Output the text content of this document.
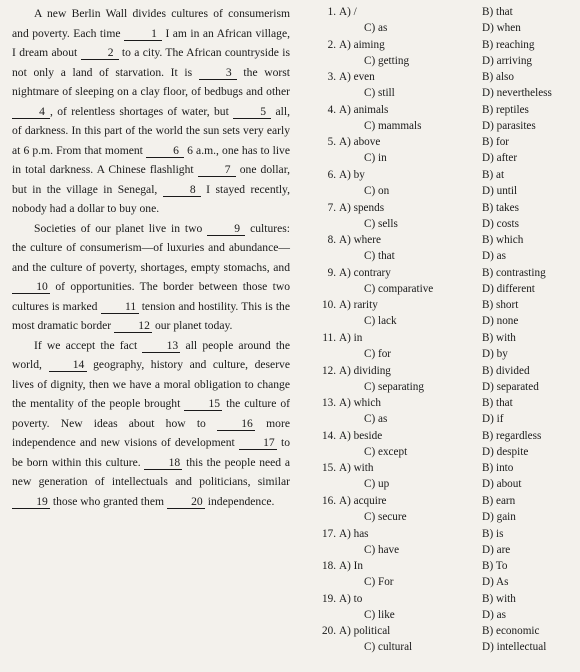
A new Berlin Wall divides cultures of consumerism and poverty. Each time 1 I am in an African village, I dream about 2 to a city. The African countryside is not only a land of starvation. It is 3 the worst nightmare of sleeping on a clay floor, of bedbugs and other 4 , of relentless shortages of water, but 5 all, of darkness. In this part of the world the sun sets very early at 6 p.m. From that moment 6 6 a.m., one has to live in total darkness. A Chinese flashlight 7 one dollar, but in the village in Senegal, 8 I stayed recently, nobody had a dollar to buy one.

Societies of our planet live in two 9 cultures: the culture of consumerism—of luxuries and abundance—and the culture of poverty, shortages, empty stomachs, and 10 of opportunities. The border between those two cultures is marked 11 tension and hostility. This is the most dramatic border 12 our planet today.

If we accept the fact 13 all people around the world, 14 geography, history and culture, deserve lives of dignity, then we have a moral obligation to change the mentality of the people brought 15 the culture of poverty. New ideas about how to 16 more independence and new visions of development 17 to be born within this culture. 18 this the people need a new generation of intellectuals and politicians, similar 19 those who granted them 20 independence.

1. A) /	B) that
C) as	D) when
2. A) aiming	B) reaching
C) getting	D) arriving
3. A) even	B) also
C) still	D) nevertheless
4. A) animals	B) reptiles
C) mammals	D) parasites
5. A) above	B) for
C) in	D) after
6. A) by	B) at
C) on	D) until
7. A) spends	B) takes
C) sells	D) costs
8. A) where	B) which
C) that	D) as
9. A) contrary	B) contrasting
C) comparative	D) different
10. A) rarity	B) short
C) lack	D) none
11. A) in	B) with
C) for	D) by
12. A) dividing	B) divided
C) separating	D) separated
13. A) which	B) that
C) as	D) if
14. A) beside	B) regardless
C) except	D) despite
15. A) with	B) into
C) up	D) about
16. A) acquire	B) earn
C) secure	D) gain
17. A) has	B) is
C) have	D) are
18. A) In	B) To
C) For	D) As
19. A) to	B) with
C) like	D) as
20. A) political	B) economic
C) cultural	D) intellectual
